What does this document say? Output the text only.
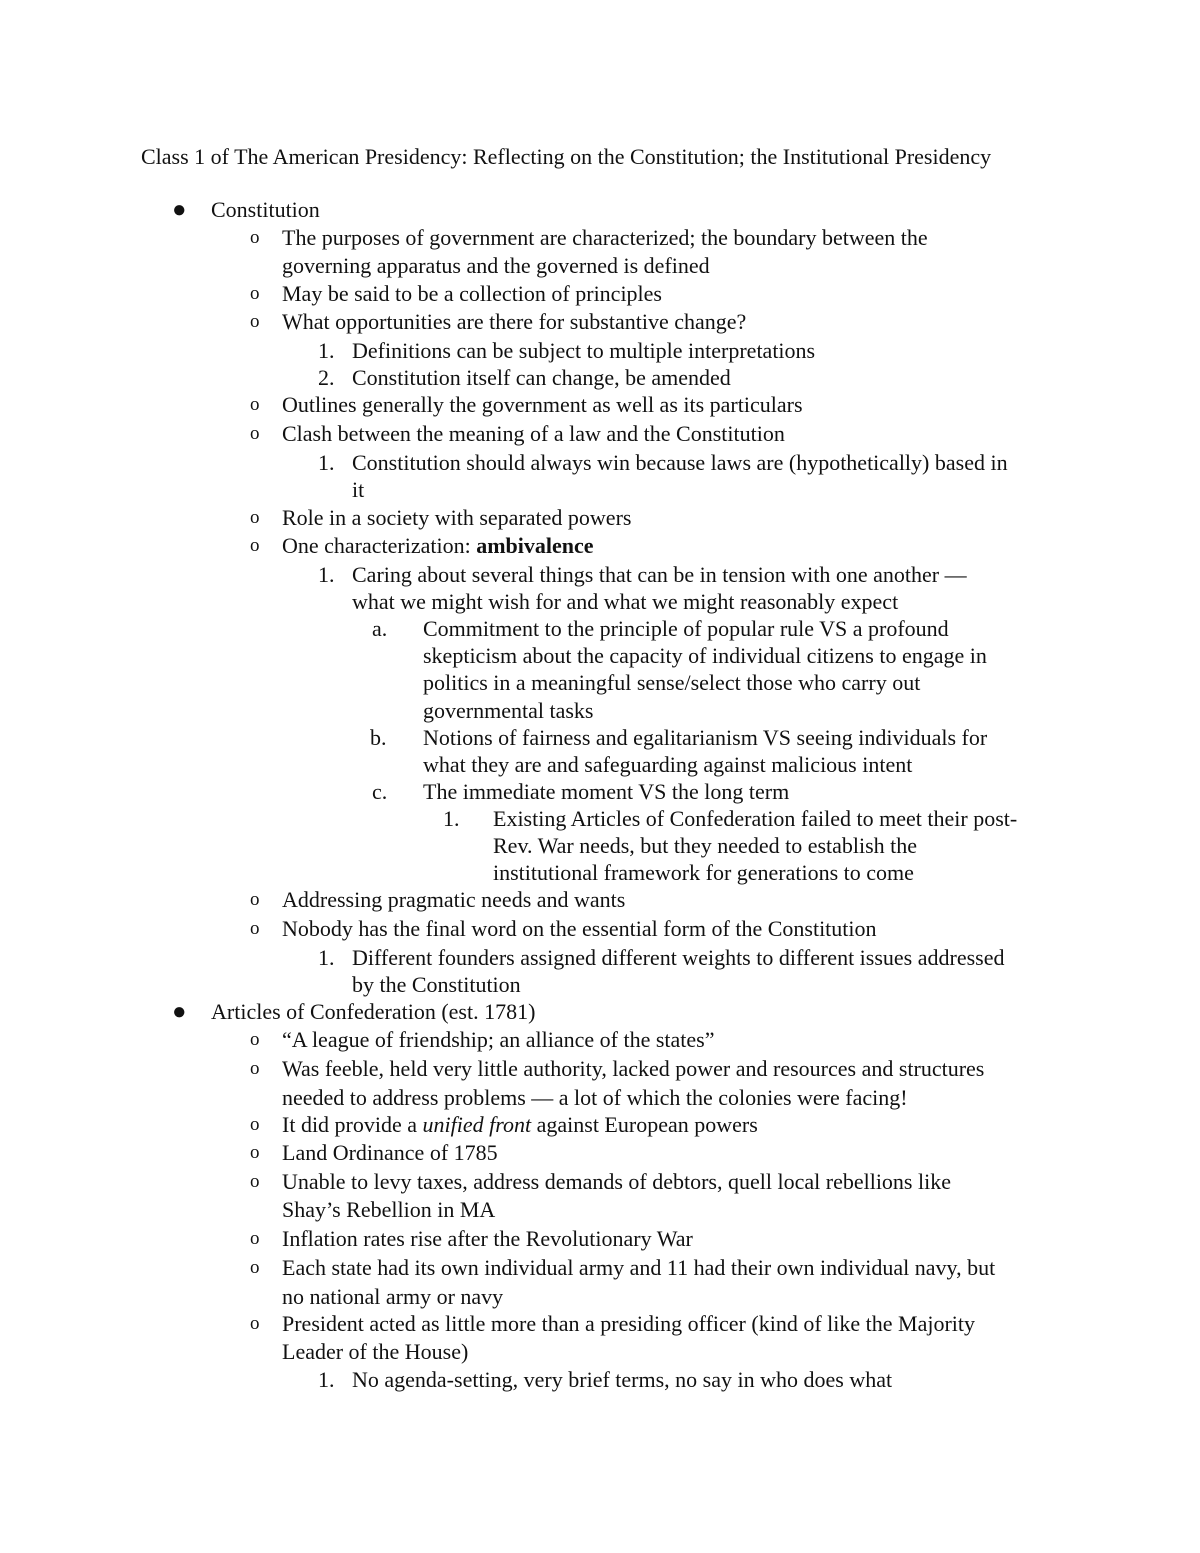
Class 1 of The American Presidency: Reflecting on the Constitution; the Institutional Presidency
● Constitution
o The purposes of government are characterized; the boundary between the
governing apparatus and the governed is defined
o May be said to be a collection of principles
o What opportunities are there for substantive change?
1. Definitions can be subject to multiple interpretations
2. Constitution itself can change, be amended
o Outlines generally the government as well as its particulars
o Clash between the meaning of a law and the Constitution
1. Constitution should always win because laws are (hypothetically) based in
it
o Role in a society with separated powers
o One characterization: ambivalence
1. Caring about several things that can be in tension with one another —
what we might wish for and what we might reasonably expect
a. Commitment to the principle of popular rule VS a profound
skepticism about the capacity of individual citizens to engage in
politics in a meaningful sense/select those who carry out
governmental tasks
b. Notions of fairness and egalitarianism VS seeing individuals for
what they are and safeguarding against malicious intent
c. The immediate moment VS the long term
1. Existing Articles of Confederation failed to meet their post-
Rev. War needs, but they needed to establish the
institutional framework for generations to come
o Addressing pragmatic needs and wants
o Nobody has the final word on the essential form of the Constitution
1. Different founders assigned different weights to different issues addressed
by the Constitution
● Articles of Confederation (est. 1781)
o “A league of friendship; an alliance of the states”
o Was feeble, held very little authority, lacked power and resources and structures
needed to address problems — a lot of which the colonies were facing!
o It did provide a unified front against European powers
o Land Ordinance of 1785
o Unable to levy taxes, address demands of debtors, quell local rebellions like
Shay’s Rebellion in MA
o Inflation rates rise after the Revolutionary War
o Each state had its own individual army and 11 had their own individual navy, but
no national army or navy
o President acted as little more than a presiding officer (kind of like the Majority
Leader of the House)
1. No agenda-setting, very brief terms, no say in who does what
